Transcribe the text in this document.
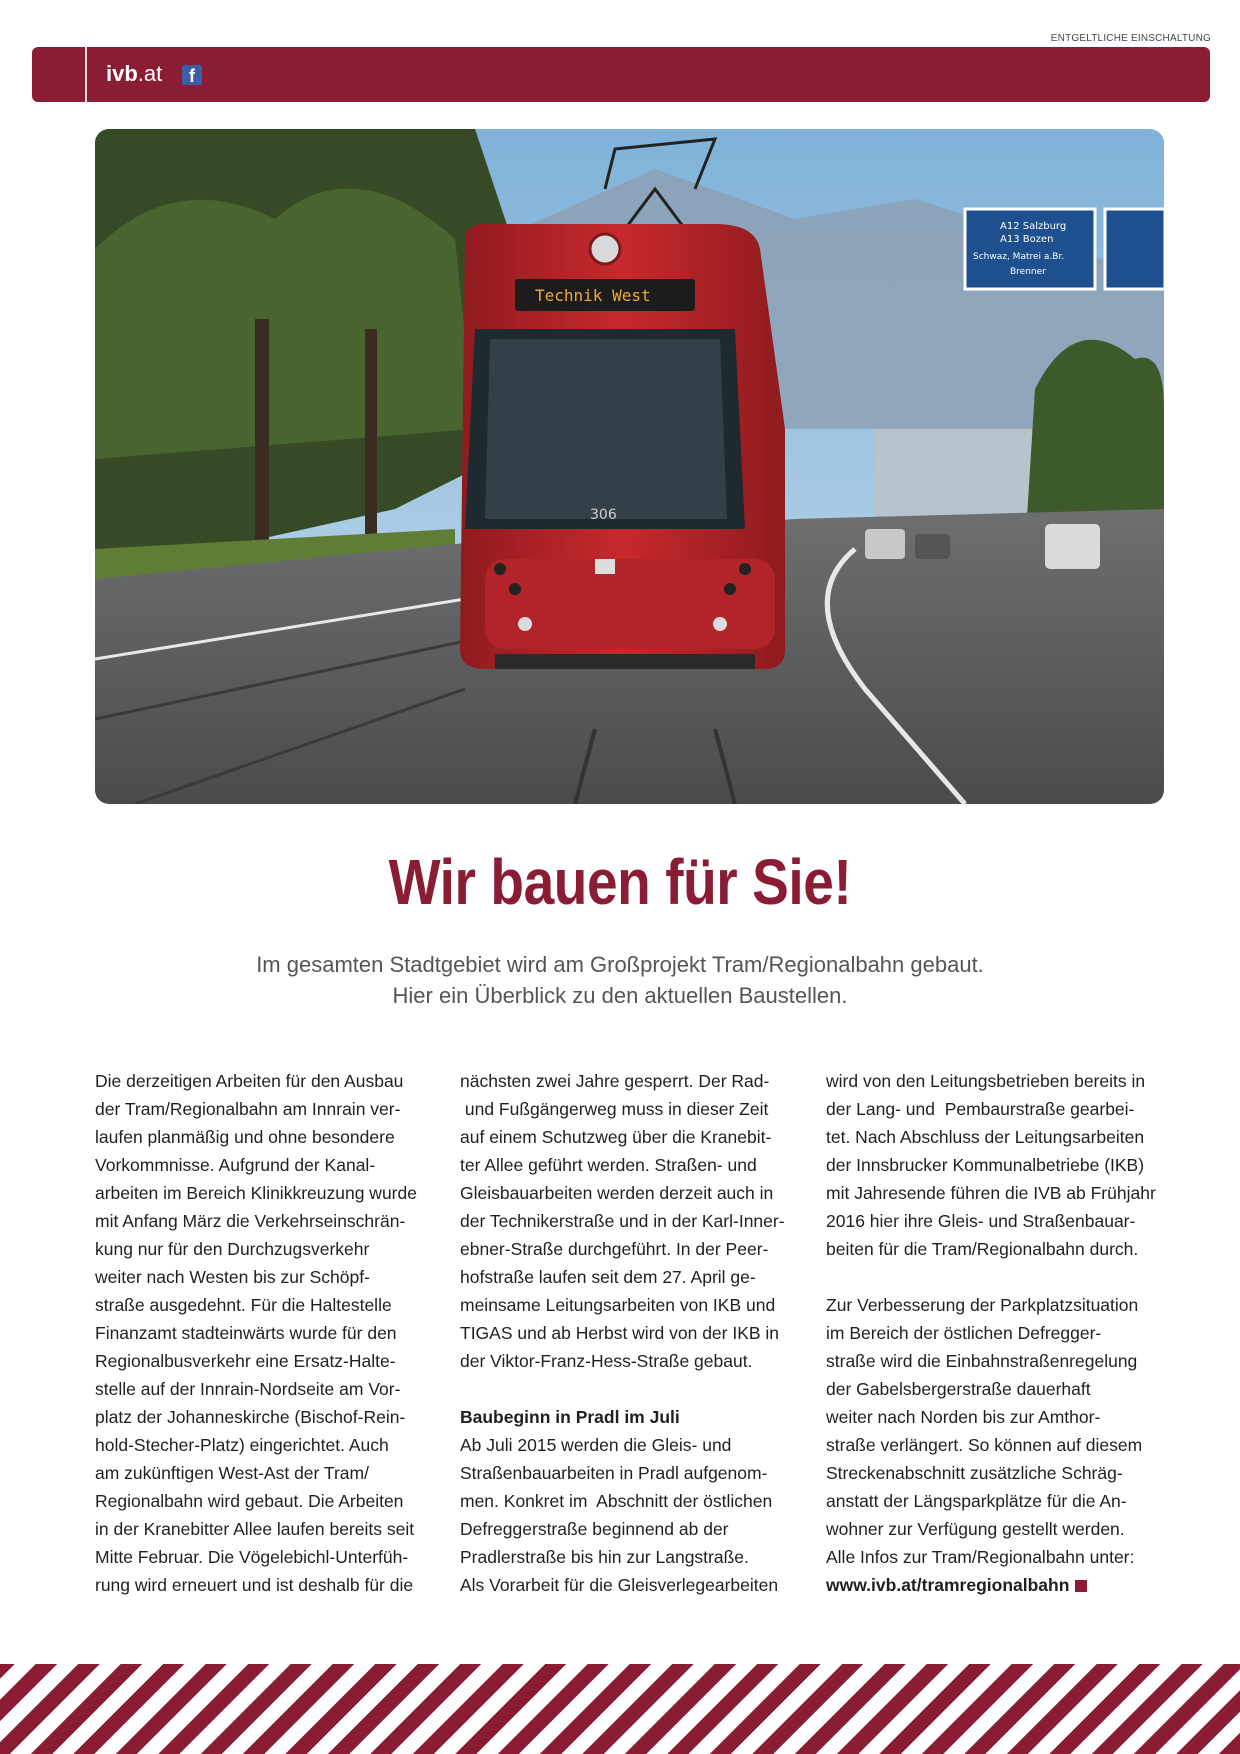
ENTGELTLICHE EINSCHALTUNG
ivb.at	f
A12 Salzburg
A13 Bozen
Schwaz, Matrei a.Br.
Brenner
Technik West
306
Wir bauen für Sie!
Im gesamten Stadtgebiet wird am Großprojekt Tram/Regionalbahn gebaut.
Hier ein Überblick zu den aktuellen Baustellen.

Die derzeitigen Arbeiten für den Ausbau

der Tram/Regionalbahn am Innrain ver-

laufen planmäßig und ohne besondere

Vorkommnisse. Aufgrund der Kanal-

arbeiten im Bereich Klinikkreuzung wurde

mit Anfang März die Verkehrseinschrän-

kung nur für den Durchzugsverkehr

weiter nach Westen bis zur Schöpf-

straße ausgedehnt. Für die Haltestelle

Finanzamt stadteinwärts wurde für den

Regionalbusverkehr eine Ersatz-Halte-

stelle auf der Innrain-Nordseite am Vor-

platz der Johanneskirche (Bischof-Rein-

hold-Stecher-Platz) eingerichtet. Auch

am zukünftigen West-Ast der Tram/

Regionalbahn wird gebaut. Die Arbeiten

in der Kranebitter Allee laufen bereits seit

Mitte Februar. Die Vögelebichl-Unterfüh-

rung wird erneuert und ist deshalb für die

nächsten zwei Jahre gesperrt. Der Rad-

und Fußgängerweg muss in dieser Zeit

auf einem Schutzweg über die Kranebit-

ter Allee geführt werden. Straßen- und

Gleisbauarbeiten werden derzeit auch in

der Technikerstraße und in der Karl-Inner-

ebner-Straße durchgeführt. In der Peer-

hofstraße laufen seit dem 27. April ge-

meinsame Leitungsarbeiten von IKB und

TIGAS und ab Herbst wird von der IKB in

der Viktor-Franz-Hess-Straße gebaut.

Baubeginn in Pradl im Juli

Ab Juli 2015 werden die Gleis- und

Straßenbauarbeiten in Pradl aufgenom-

men. Konkret im  Abschnitt der östlichen

Defreggerstraße beginnend ab der

Pradlerstraße bis hin zur Langstraße.

Als Vorarbeit für die Gleisverlegearbeiten

wird von den Leitungsbetrieben bereits in

der Lang- und  Pembaurstraße gearbei-

tet. Nach Abschluss der Leitungsarbeiten

der Innsbrucker Kommunalbetriebe (IKB)

mit Jahresende führen die IVB ab Frühjahr

2016 hier ihre Gleis- und Straßenbauar-

beiten für die Tram/Regionalbahn durch.

Zur Verbesserung der Parkplatzsituation

im Bereich der östlichen Defregger-

straße wird die Einbahnstraßenregelung

der Gabelsbergerstraße dauerhaft

weiter nach Norden bis zur Amthor-

straße verlängert. So können auf diesem

Streckenabschnitt zusätzliche Schräg-

anstatt der Längsparkplätze für die An-

wohner zur Verfügung gestellt werden.

Alle Infos zur Tram/Regionalbahn unter:

www.ivb.at/tramregionalbahn
